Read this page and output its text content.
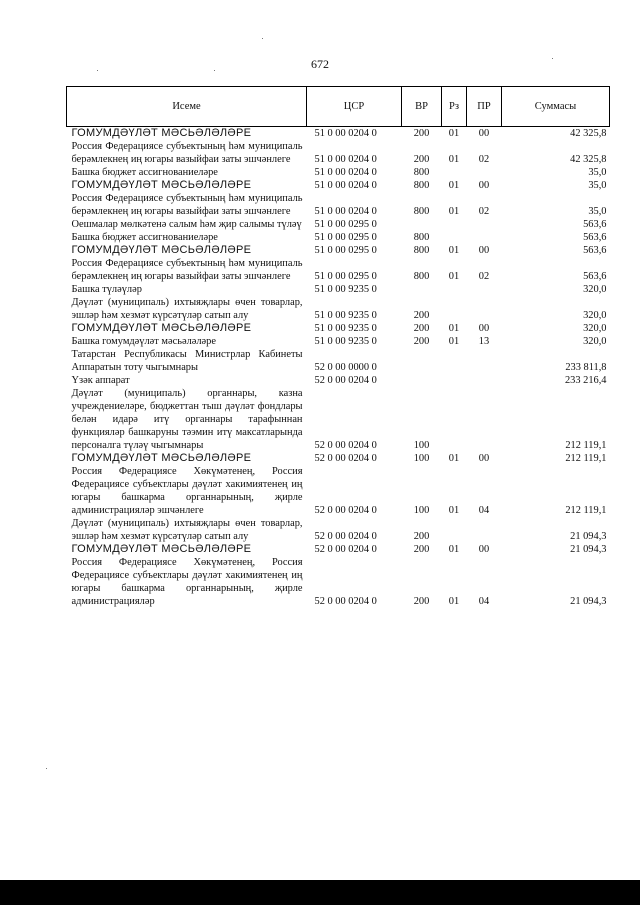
672
Исеме	ЦСР	ВР	Рз	ПР	Суммасы
ГОМУМДӘҮЛӘТ МӘСЬӘЛӘЛӘРЕ	51 0 00 0204 0	200	01	00	42 325,8
Россия Федерациясе субъектының һәм муниципаль берәмлекнең иң югары вазыйфаи заты эшчәнлеге	51 0 00 0204 0	200	01	02	42 325,8
Башка бюджет ассигнованиеләре	51 0 00 0204 0	800			35,0
ГОМУМДӘҮЛӘТ МӘСЬӘЛӘЛӘРЕ	51 0 00 0204 0	800	01	00	35,0
Россия Федерациясе субъектының һәм муниципаль берәмлекнең иң югары вазыйфаи заты эшчәнлеге	51 0 00 0204 0	800	01	02	35,0
Оешмалар мөлкәтенә салым һәм җир салымы түләү	51 0 00 0295 0				563,6
Башка бюджет ассигнованиеләре	51 0 00 0295 0	800			563,6
ГОМУМДӘҮЛӘТ МӘСЬӘЛӘЛӘРЕ	51 0 00 0295 0	800	01	00	563,6
Россия Федерациясе субъектының һәм муниципаль берәмлекнең иң югары вазыйфаи заты эшчәнлеге	51 0 00 0295 0	800	01	02	563,6
Башка түләүләр	51 0 00 9235 0				320,0
Дәүләт (муниципаль) ихтыяҗлары өчен товарлар, эшләр һәм хезмәт күрсәтүләр сатып алу	51 0 00 9235 0	200			320,0
ГОМУМДӘҮЛӘТ МӘСЬӘЛӘЛӘРЕ	51 0 00 9235 0	200	01	00	320,0
Башка гомумдәүләт мәсьәләләре	51 0 00 9235 0	200	01	13	320,0
Татарстан Республикасы Министрлар Кабинеты Аппаратын тоту чыгымнары	52 0 00 0000 0				233 811,8
Үзәк аппарат	52 0 00 0204 0				233 216,4
Дәүләт (муниципаль) органнары, казна учреждениеләре, бюджеттан тыш дәүләт фондлары белән идарә итү органнары тарафыннан функцияләр башкаруны тәэмин итү максатларында персоналга түләү чыгымнары	52 0 00 0204 0	100			212 119,1
ГОМУМДӘҮЛӘТ МӘСЬӘЛӘЛӘРЕ	52 0 00 0204 0	100	01	00	212 119,1
Россия Федерациясе Хөкүмәтенең, Россия Федерациясе субъектлары дәүләт хакимиятенең иң югары башкарма органнарының, җирле администрацияләр эшчәнлеге	52 0 00 0204 0	100	01	04	212 119,1
Дәүләт (муниципаль) ихтыяҗлары өчен товарлар, эшләр һәм хезмәт күрсәтүләр сатып алу	52 0 00 0204 0	200			21 094,3
ГОМУМДӘҮЛӘТ МӘСЬӘЛӘЛӘРЕ	52 0 00 0204 0	200	01	00	21 094,3
Россия Федерациясе Хөкүмәтенең, Россия Федерациясе субъектлары дәүләт хакимиятенең иң югары башкарма органнарының, җирле администрацияләр	52 0 00 0204 0	200	01	04	21 094,3
